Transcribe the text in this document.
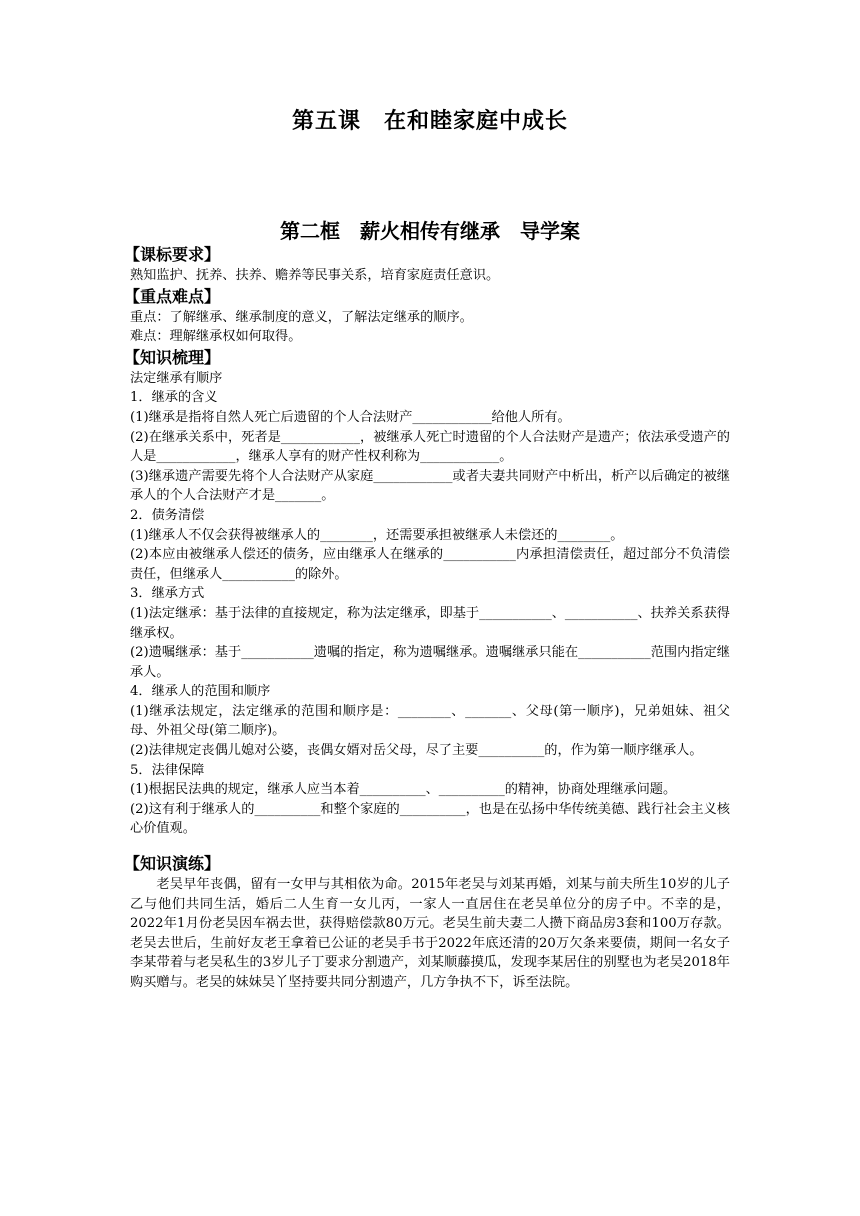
第五课　在和睦家庭中成长
第二框　薪火相传有继承　导学案
【课标要求】
熟知监护、抚养、扶养、赡养等民事关系，培育家庭责任意识。
【重点难点】
重点：了解继承、继承制度的意义，了解法定继承的顺序。
难点：理解继承权如何取得。
【知识梳理】
法定继承有顺序
1．继承的含义
(1)继承是指将自然人死亡后遗留的个人合法财产____________给他人所有。
(2)在继承关系中，死者是____________，被继承人死亡时遗留的个人合法财产是遗产；依法承受遗产的人是____________，继承人享有的财产性权利称为____________。
(3)继承遗产需要先将个人合法财产从家庭____________或者夫妻共同财产中析出，析产以后确定的被继承人的个人合法财产才是_______。
2．债务清偿
(1)继承人不仅会获得被继承人的________，还需要承担被继承人未偿还的________。
(2)本应由被继承人偿还的债务，应由继承人在继承的___________内承担清偿责任，超过部分不负清偿责任，但继承人___________的除外。
3．继承方式
(1)法定继承：基于法律的直接规定，称为法定继承，即基于___________、___________、扶养关系获得继承权。
(2)遗嘱继承：基于___________遗嘱的指定，称为遗嘱继承。遗嘱继承只能在___________范围内指定继承人。
4．继承人的范围和顺序
(1)继承法规定，法定继承的范围和顺序是：________、_______、父母(第一顺序)，兄弟姐妹、祖父母、外祖父母(第二顺序)。
(2)法律规定丧偶儿媳对公婆，丧偶女婿对岳父母，尽了主要__________的，作为第一顺序继承人。
5．法律保障
(1)根据民法典的规定，继承人应当本着__________、__________的精神，协商处理继承问题。
(2)这有利于继承人的__________和整个家庭的__________，也是在弘扬中华传统美德、践行社会主义核心价值观。
【知识演练】
老吴早年丧偶，留有一女甲与其相依为命。2015年老吴与刘某再婚，刘某与前夫所生10岁的儿子乙与他们共同生活，婚后二人生育一女儿丙，一家人一直居住在老吴单位分的房子中。不幸的是，2022年1月份老吴因车祸去世，获得赔偿款80万元。老吴生前夫妻二人攒下商品房3套和100万存款。老吴去世后，生前好友老王拿着已公证的老吴手书于2022年底还清的20万欠条来要债，期间一名女子李某带着与老吴私生的3岁儿子丁要求分割遗产，刘某顺藤摸瓜，发现李某居住的别墅也为老吴2018年购买赠与。老吴的妹妹吴丫坚持要共同分割遗产，几方争执不下，诉至法院。
